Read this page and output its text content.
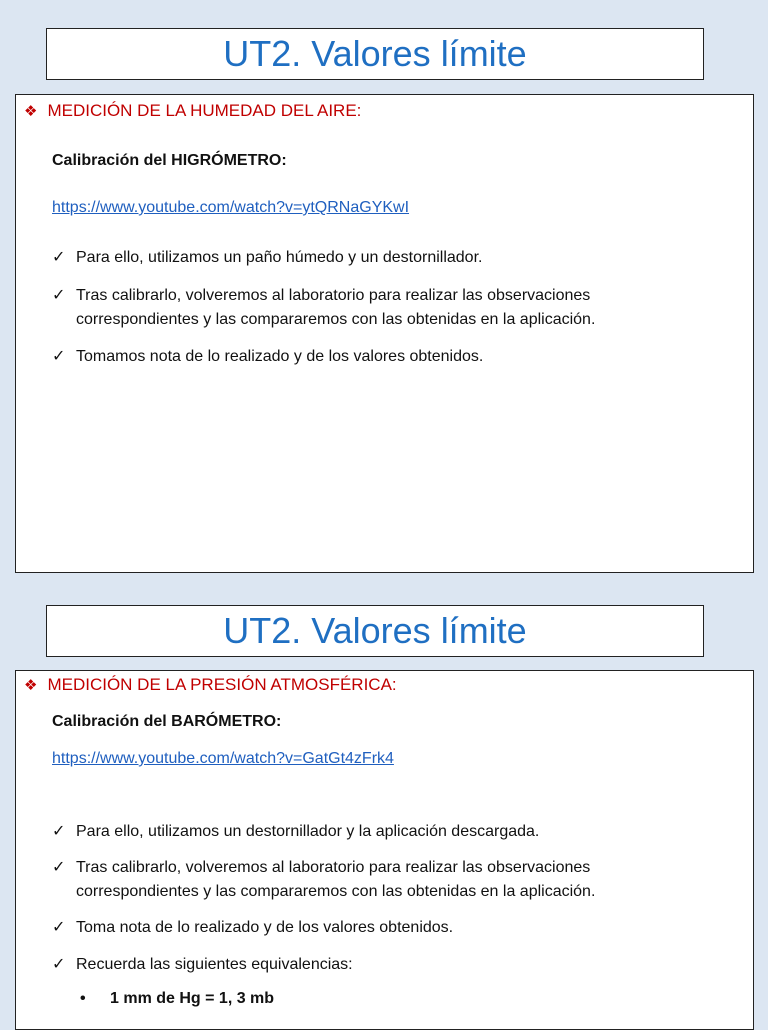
UT2. Valores límite
❖ MEDICIÓN DE LA HUMEDAD DEL AIRE:
Calibración del HIGRÓMETRO:
https://www.youtube.com/watch?v=ytQRNaGYKwI
✓ Para ello, utilizamos un paño húmedo y un destornillador.
✓ Tras calibrarlo, volveremos al laboratorio para realizar las observaciones correspondientes y las compararemos con las obtenidas en la aplicación.
✓ Tomamos nota de lo realizado y de los valores obtenidos.
UT2. Valores límite
❖ MEDICIÓN DE LA PRESIÓN ATMOSFÉRICA:
Calibración del BARÓMETRO:
https://www.youtube.com/watch?v=GatGt4zFrk4
✓ Para ello, utilizamos un destornillador y la aplicación descargada.
✓ Tras calibrarlo, volveremos al laboratorio para realizar las observaciones correspondientes y las compararemos con las obtenidas en la aplicación.
✓ Toma nota de lo realizado y de los valores obtenidos.
✓ Recuerda las siguientes equivalencias:
•	1 mm de Hg = 1, 3 mb
